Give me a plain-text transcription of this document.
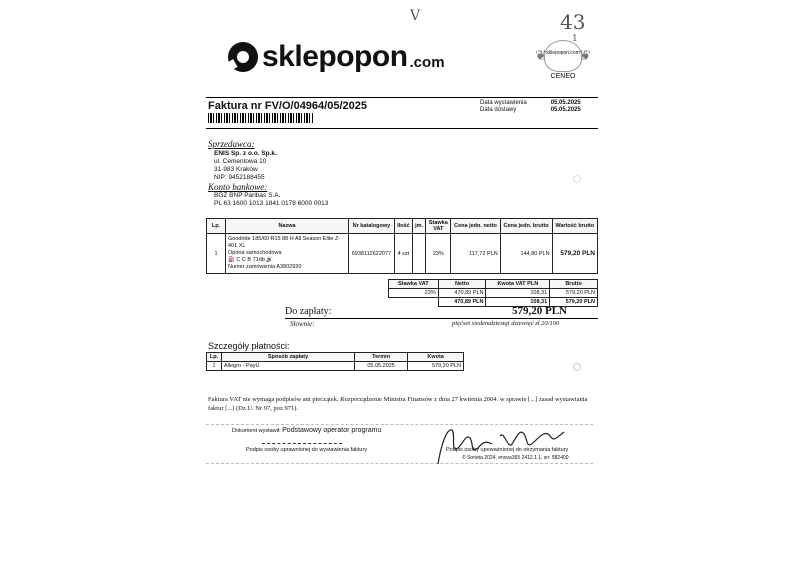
V	43
1
sklepopon .com
❦ sklepopon.com
❦
CENEO
Faktura nr FV/O/04964/05/2025	Data wystawienia	05.05.2025
Data dostawy	05.05.2025
Sprzedawca:
ENIS Sp. z o.o. Sp.k.
ul. Cementowa 10
31-983 Kraków
NIP: 9452188455
Konto bankowe:
BGŻ BNP Paribas S.A.
PL 63 1600 1013 1841 0178 6000 0013
Lp.	Nazwa	Nr katalogowy	Ilość	jm.	Stawka VAT	Cena jedn. netto	Cena jedn. brutto	Wartość brutto
1	Goodride 185/60 R15 88 H All Season Elite Z-401 XL
Opona samochodowa
⛽ C C B 71db 🔊
Numer zamówienia A3802920	6938112622077	4 szt		23%	117,72 PLN	144,80 PLN	579,20 PLN
Stawka VAT	Netto	Kwota VAT PLN	Brutto
23%	470,89 PLN	108,31	579,20 PLN
	470,89 PLN	108,31	579,20 PLN
Do zapłaty:	579,20 PLN
Słownie:	pięćset siedemdziesiąt dziewięć zł 20/100
Szczegóły płatności:
Lp.	Sposób zapłaty	Termin	Kwota
1	Allegro - PayU	05.05.2025	579,20 PLN
Faktura VAT nie wymaga podpisów ani pieczątek. Rozporządzenie Ministra Finansów z dnia 27 kwietnia 2004. w sprawie [...] zasad wystawiania faktur [...] (Dz.U. Nr 97, poz.971).
Dokument wystawił: Podstawowy operator programu
Podpis osoby uprawnionej do wystawienia faktury	Podpis osoby upoważnionej do otrzymania faktury
© Soneta 2024, enova365 2412.1.1, sn: 582400
